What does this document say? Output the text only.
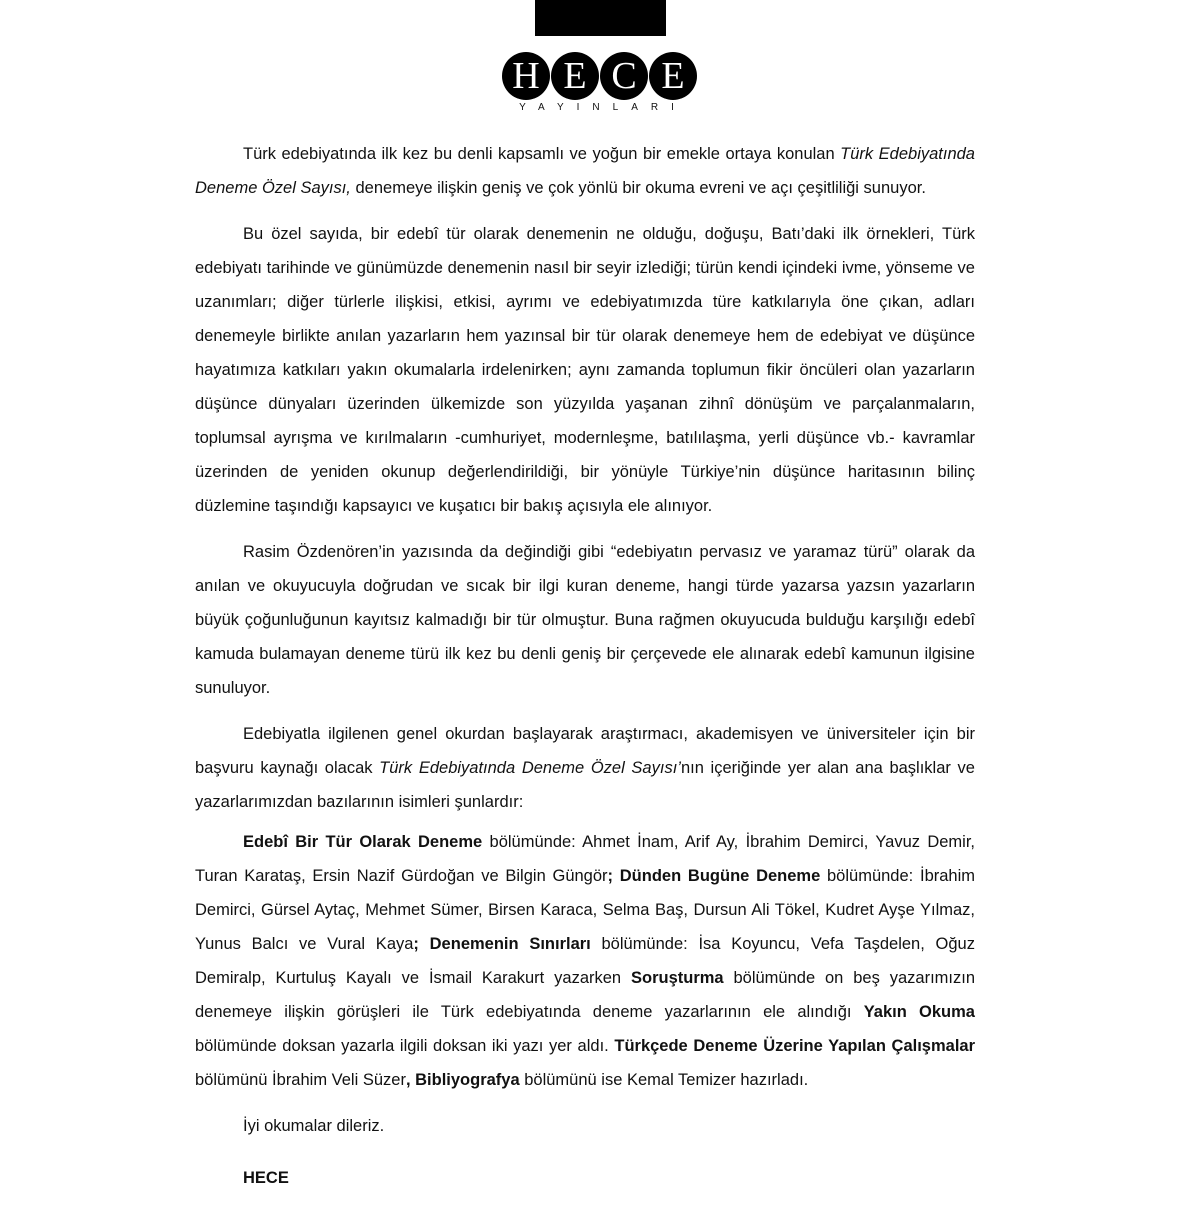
H E C E
YAYINLARI

Türk edebiyatında ilk kez bu denli kapsamlı ve yoğun bir emekle ortaya konulan Türk Edebiyatında Deneme Özel Sayısı, denemeye ilişkin geniş ve çok yönlü bir okuma evreni ve açı çeşitliliği sunuyor.

Bu özel sayıda, bir edebî tür olarak denemenin ne olduğu, doğuşu, Batı’daki ilk örnekleri, Türk edebiyatı tarihinde ve günümüzde denemenin nasıl bir seyir izlediği; türün kendi içindeki ivme, yönseme ve uzanımları; diğer türlerle ilişkisi, etkisi, ayrımı ve edebiyatımızda türe katkılarıyla öne çıkan, adları denemeyle birlikte anılan yazarların hem yazınsal bir tür olarak denemeye hem de edebiyat ve düşünce hayatımıza katkıları yakın okumalarla irdelenirken; aynı zamanda toplumun fikir öncüleri olan yazarların düşünce dünyaları üzerinden ülkemizde son yüzyılda yaşanan zihnî dönüşüm ve parçalanmaların, toplumsal ayrışma ve kırılmaların -cumhuriyet, modernleşme, batılılaşma, yerli düşünce vb.- kavramlar üzerinden de yeniden okunup değerlendirildiği, bir yönüyle Türkiye’nin düşünce haritasının bilinç düzlemine taşındığı kapsayıcı ve kuşatıcı bir bakış açısıyla ele alınıyor.

Rasim Özdenören’in yazısında da değindiği gibi “edebiyatın pervasız ve yaramaz türü” olarak da anılan ve okuyucuyla doğrudan ve sıcak bir ilgi kuran deneme, hangi türde yazarsa yazsın yazarların büyük çoğunluğunun kayıtsız kalmadığı bir tür olmuştur. Buna rağmen okuyucuda bulduğu karşılığı edebî kamuda bulamayan deneme türü ilk kez bu denli geniş bir çerçevede ele alınarak edebî kamunun ilgisine sunuluyor.

Edebiyatla ilgilenen genel okurdan başlayarak araştırmacı, akademisyen ve üniversiteler için bir başvuru kaynağı olacak Türk Edebiyatında Deneme Özel Sayısı’nın içeriğinde yer alan ana başlıklar ve yazarlarımızdan bazılarının isimleri şunlardır:

Edebî Bir Tür Olarak Deneme bölümünde: Ahmet İnam, Arif Ay, İbrahim Demirci, Yavuz Demir, Turan Karataş, Ersin Nazif Gürdoğan ve Bilgin Güngör; Dünden Bugüne Deneme bölümünde: İbrahim Demirci, Gürsel Aytaç, Mehmet Sümer, Birsen Karaca, Selma Baş, Dursun Ali Tökel, Kudret Ayşe Yılmaz, Yunus Balcı ve Vural Kaya; Denemenin Sınırları bölümünde: İsa Koyuncu, Vefa Taşdelen, Oğuz Demiralp, Kurtuluş Kayalı ve İsmail Karakurt yazarken Soruşturma bölümünde on beş yazarımızın denemeye ilişkin görüşleri ile Türk edebiyatında deneme yazarlarının ele alındığı Yakın Okuma bölümünde doksan yazarla ilgili doksan iki yazı yer aldı. Türkçede Deneme Üzerine Yapılan Çalışmalar bölümünü İbrahim Veli Süzer, Bibliyografya bölümünü ise Kemal Temizer hazırladı.

İyi okumalar dileriz.

HECE
